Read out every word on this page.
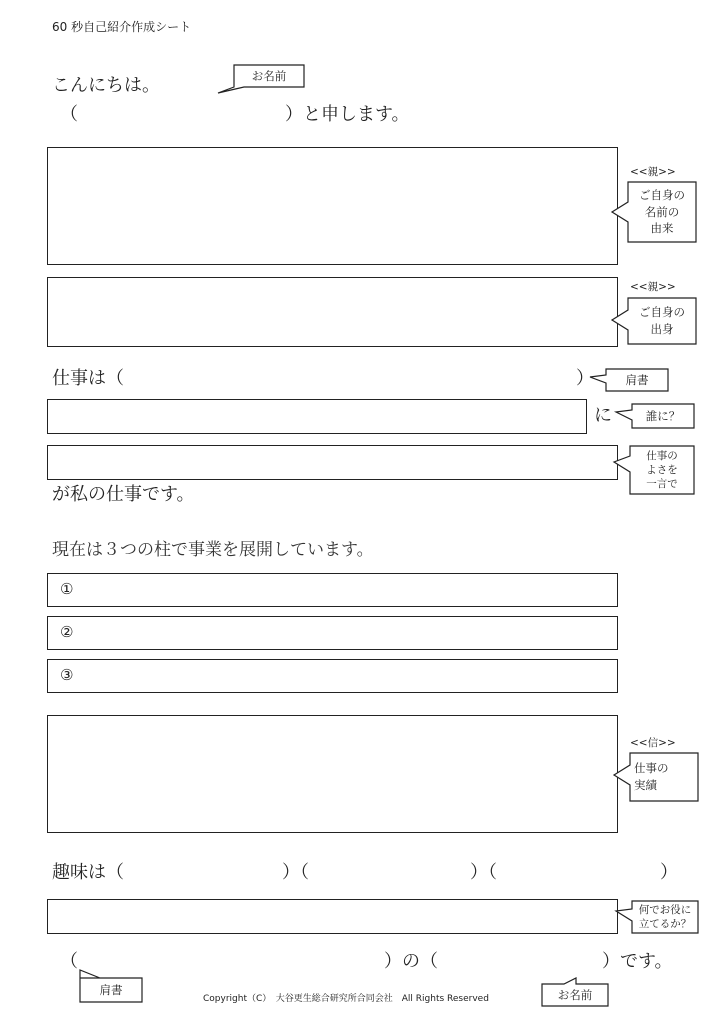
60 秒自己紹介作成シート
こんにちは。
（	）と申します。
お名前
<<親>>
ご自身の
名前の
由来
<<親>>
ご自身の
出身
仕事は（	）	肩書
に	誰に？
仕事の
よさを
一言で
が私の仕事です。
現在は３つの柱で事業を展開しています。
①
②
③
<<信>>
仕事の
実績
趣味は（	）（	）（	）
何でお役に
立てるか？
（	）の（	）です。
肩書
Copyright（C）　大谷更生総合研究所合同会社　All Rights Reserved	お名前
